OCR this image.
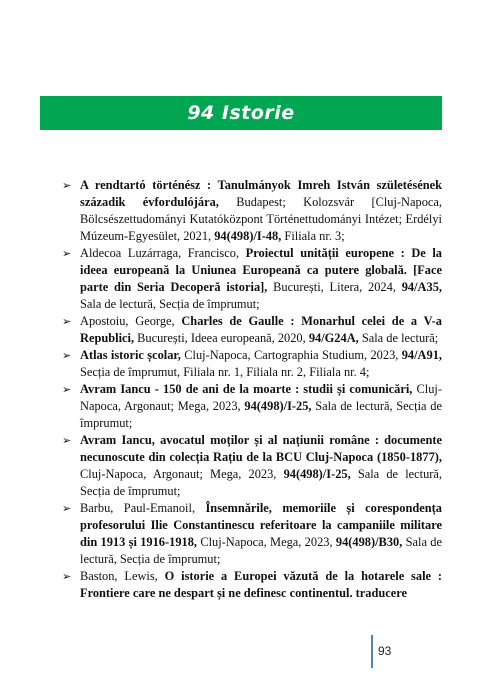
94 Istorie
➢ A rendtartó történész : Tanulmányok Imreh István születésének századik évfordulójára, Budapest; Kolozsvár [Cluj-Napoca, Bölcsészettudományi Kutatóközpont Történettudományi Intézet; Erdélyi Múzeum-Egyesület, 2021, 94(498)/I-48, Filiala nr. 3;
➢ Aldecoa Luzárraga, Francisco, Proiectul unității europene : De la ideea europeană la Uniunea Europeană ca putere globală. [Face parte din Seria Decoperă istoria], București, Litera, 2024, 94/A35, Sala de lectură, Secția de împrumut;
➢ Apostoiu, George, Charles de Gaulle : Monarhul celei de a V-a Republici, București, Ideea europeană, 2020, 94/G24A, Sala de lectură;
➢ Atlas istoric școlar, Cluj-Napoca, Cartographia Studium, 2023, 94/A91, Secția de împrumut, Filiala nr. 1, Filiala nr. 2, Filiala nr. 4;
➢ Avram Iancu - 150 de ani de la moarte : studii și comunicări, Cluj-Napoca, Argonaut; Mega, 2023, 94(498)/I-25, Sala de lectură, Secția de împrumut;
➢ Avram Iancu, avocatul moților și al națiunii române : documente necunoscute din colecția Rațiu de la BCU Cluj-Napoca (1850-1877), Cluj-Napoca, Argonaut; Mega, 2023, 94(498)/I-25, Sala de lectură, Secția de împrumut;
➢ Barbu, Paul-Emanoil, Însemnările, memoriile și corespondența profesorului Ilie Constantinescu referitoare la campaniile militare din 1913 și 1916-1918, Cluj-Napoca, Mega, 2023, 94(498)/B30, Sala de lectură, Secția de împrumut;
➢ Baston, Lewis, O istorie a Europei văzută de la hotarele sale : Frontiere care ne despart și ne definesc continentul. traducere
93
